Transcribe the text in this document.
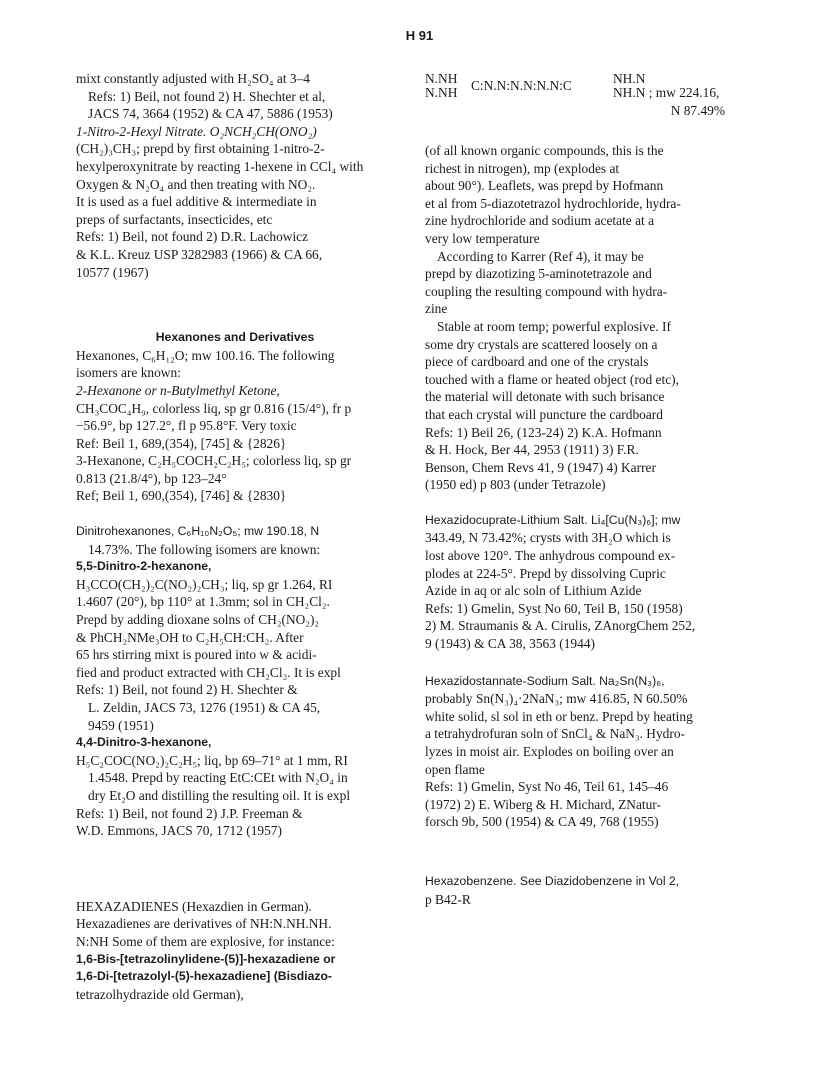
H 91
mixt constantly adjusted with H₂SO₄ at 3–4
Refs: 1) Beil, not found 2) H. Shechter et al,
JACS 74, 3664 (1952) & CA 47, 5886 (1953)
1-Nitro-2-Hexyl Nitrate. O₂NCH₂CH(ONO₂)
(CH₂)₃CH₃; prepd by first obtaining 1-nitro-2-
hexylperoxynitrate by reacting 1-hexene in CCl₄ with
Oxygen & N₂O₄ and then treating with NO₂.
It is used as a fuel additive & intermediate in
preps of surfactants, insecticides, etc
Refs: 1) Beil, not found 2) D.R. Lachowicz
& K.L. Kreuz USP 3282983 (1966) & CA 66,
10577 (1967)
Hexanones and Derivatives
Hexanones, C₆H₁₂O; mw 100.16. The following
isomers are known:
2-Hexanone or n-Butylmethyl Ketone,
CH₃COC₄H₉, colorless liq, sp gr 0.816 (15/4°), fr p
−56.9°, bp 127.2°, fl p 95.8°F. Very toxic
Ref: Beil 1, 689,(354), [745] & {2826}
3-Hexanone, C₂H₅COCH₂C₂H₅; colorless liq, sp gr
0.813 (21.8/4°), bp 123–24°
Ref; Beil 1, 690,(354), [746] & {2830}
Dinitrohexanones, C₆H₁₀N₂O₅; mw 190.18, N
14.73%. The following isomers are known:
5,5-Dinitro-2-hexanone,
H₃CCO(CH₂)₂C(NO₂)₂CH₃; liq, sp gr 1.264, RI
1.4607 (20°), bp 110° at 1.3mm; sol in CH₂Cl₂.
Prepd by adding dioxane solns of CH₂(NO₂)₂
& PhCH₂NMe₃OH to C₂H₅CH:CH₂. After
65 hrs stirring mixt is poured into w & acidi-
fied and product extracted with CH₂Cl₂. It is expl
Refs: 1) Beil, not found 2) H. Shechter &
L. Zeldin, JACS 73, 1276 (1951) & CA 45,
9459 (1951)
4,4-Dinitro-3-hexanone,
H₅C₂COC(NO₂)₂C₂H₅; liq, bp 69–71° at 1 mm, RI
1.4548. Prepd by reacting EtC:CEt with N₂O₄ in
dry Et₂O and distilling the resulting oil. It is expl
Refs: 1) Beil, not found 2) J.P. Freeman &
W.D. Emmons, JACS 70, 1712 (1957)
HEXAZADIENES (Hexazdien in German).
Hexazadienes are derivatives of NH:N.NH.NH.
N:NH Some of them are explosive, for instance:
1,6-Bis-[tetrazolinylidene-(5)]-hexazadiene or
1,6-Di-[tetrazolyl-(5)-hexazadiene] (Bisdiazo-
tetrazolhydrazide old German),
N.NH
N.NH C:N.N:N.N:N.N:C	NH.N
NH.N ; mw 224.16,
N 87.49%
(of all known organic compounds, this is the
richest in nitrogen), mp (explodes at
about 90°). Leaflets, was prepd by Hofmann
et al from 5-diazotetrazol hydrochloride, hydra-
zine hydrochloride and sodium acetate at a
very low temperature
According to Karrer (Ref 4), it may be
prepd by diazotizing 5-aminotetrazole and
coupling the resulting compound with hydra-
zine
Stable at room temp; powerful explosive. If
some dry crystals are scattered loosely on a
piece of cardboard and one of the crystals
touched with a flame or heated object (rod etc),
the material will detonate with such brisance
that each crystal will puncture the cardboard
Refs: 1) Beil 26, (123-24) 2) K.A. Hofmann
& H. Hock, Ber 44, 2953 (1911) 3) F.R.
Benson, Chem Revs 41, 9 (1947) 4) Karrer
(1950 ed) p 803 (under Tetrazole)
Hexazidocuprate-Lithium Salt. Li₄[Cu(N₃)₆]; mw
343.49, N 73.42%; crysts with 3H₂O which is
lost above 120°. The anhydrous compound ex-
plodes at 224-5°. Prepd by dissolving Cupric
Azide in aq or alc soln of Lithium Azide
Refs: 1) Gmelin, Syst No 60, Teil B, 150 (1958)
2) M. Straumanis & A. Cirulis, ZAnorgChem 252,
9 (1943) & CA 38, 3563 (1944)
Hexazidostannate-Sodium Salt. Na₂Sn(N₃)₆,
probably Sn(N₃)₄·2NaN₃; mw 416.85, N 60.50%
white solid, sl sol in eth or benz. Prepd by heating
a tetrahydrofuran soln of SnCl₄ & NaN₃. Hydro-
lyzes in moist air. Explodes on boiling over an
open flame
Refs: 1) Gmelin, Syst No 46, Teil 61, 145–46
(1972) 2) E. Wiberg & H. Michard, ZNatur-
forsch 9b, 500 (1954) & CA 49, 768 (1955)
Hexazobenzene. See Diazidobenzene in Vol 2,
p B42-R
